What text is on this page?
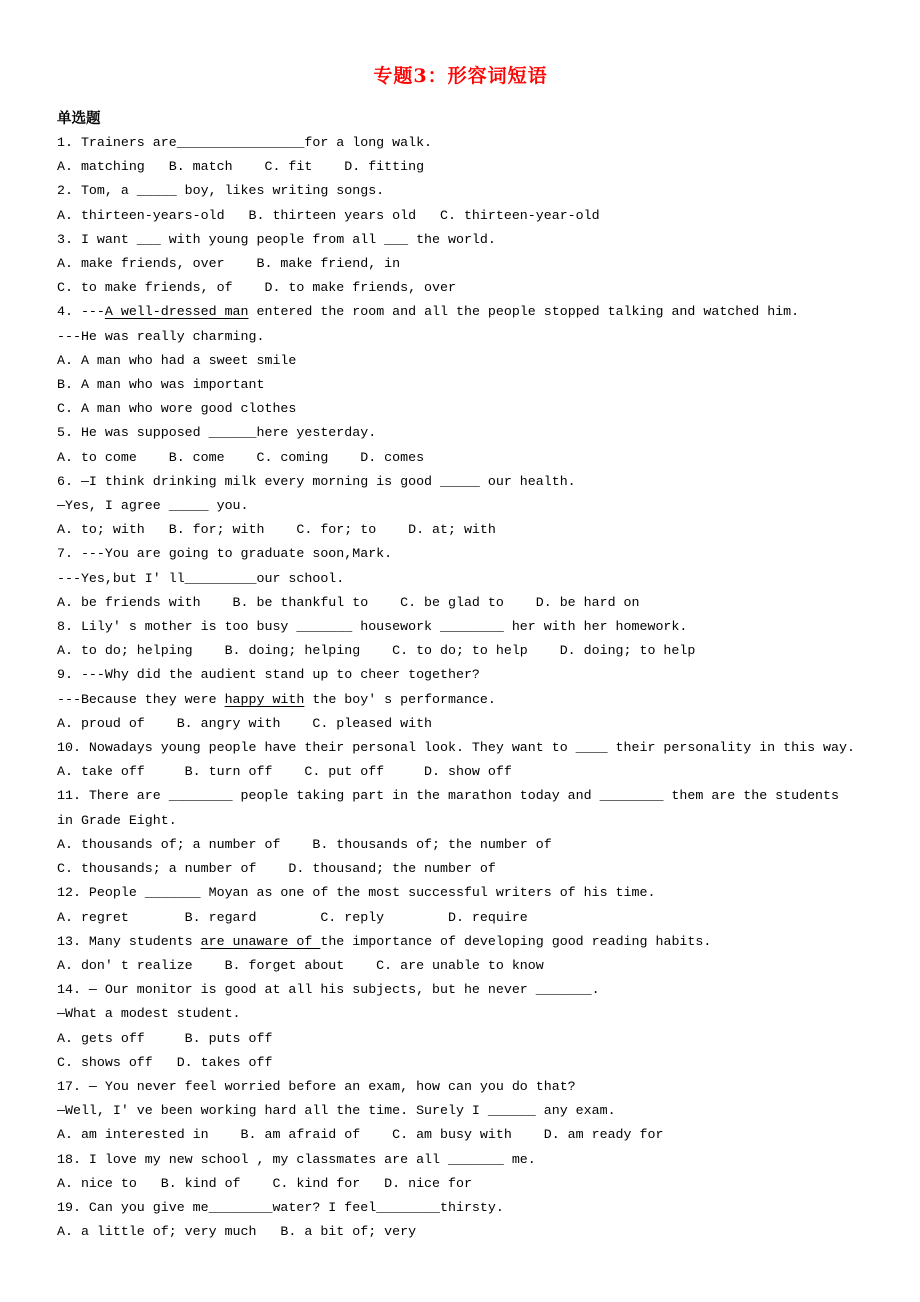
专题3：形容词短语
单选题
1. Trainers are________________for a long walk.
A. matching   B. match    C. fit    D. fitting
2. Tom, a _____ boy, likes writing songs.
A. thirteen-years-old   B. thirteen years old   C. thirteen-year-old
3. I want ___ with young people from all ___ the world.
A. make friends, over    B. make friend, in
C. to make friends, of    D. to make friends, over
4. ---A well-dressed man entered the room and all the people stopped talking and watched him.
---He was really charming.
A. A man who had a sweet smile
B. A man who was important
C. A man who wore good clothes
5. He was supposed ______here yesterday.
A. to come    B. come    C. coming    D. comes
6. —I think drinking milk every morning is good _____ our health.
—Yes, I agree _____ you.
A. to; with   B. for; with    C. for; to    D. at; with
7. ---You are going to graduate soon,Mark.
---Yes,but I' ll_________our school.
A. be friends with    B. be thankful to    C. be glad to    D. be hard on
8. Lily' s mother is too busy _______ housework ________ her with her homework.
A. to do; helping    B. doing; helping    C. to do; to help    D. doing; to help
9. ---Why did the audient stand up to cheer together?
---Because they were happy with the boy' s performance.
A. proud of    B. angry with    C. pleased with
10. Nowadays young people have their personal look. They want to ____ their personality in this way.
A. take off     B. turn off    C. put off     D. show off
11. There are ________ people taking part in the marathon today and ________ them are the students
in Grade Eight.
A. thousands of; a number of    B. thousands of; the number of
C. thousands; a number of    D. thousand; the number of
12. People _______ Moyan as one of the most successful writers of his time.
A. regret       B. regard        C. reply        D. require
13. Many students are unaware of the importance of developing good reading habits.
A. don' t realize    B. forget about    C. are unable to know
14. — Our monitor is good at all his subjects, but he never _______.
—What a modest student.
A. gets off     B. puts off
C. shows off   D. takes off
17. — You never feel worried before an exam, how can you do that?
—Well, I' ve been working hard all the time. Surely I ______ any exam.
A. am interested in    B. am afraid of    C. am busy with    D. am ready for
18. I love my new school , my classmates are all _______ me.
A. nice to   B. kind of    C. kind for   D. nice for
19. Can you give me________water? I feel________thirsty.
A. a little of; very much   B. a bit of; very
